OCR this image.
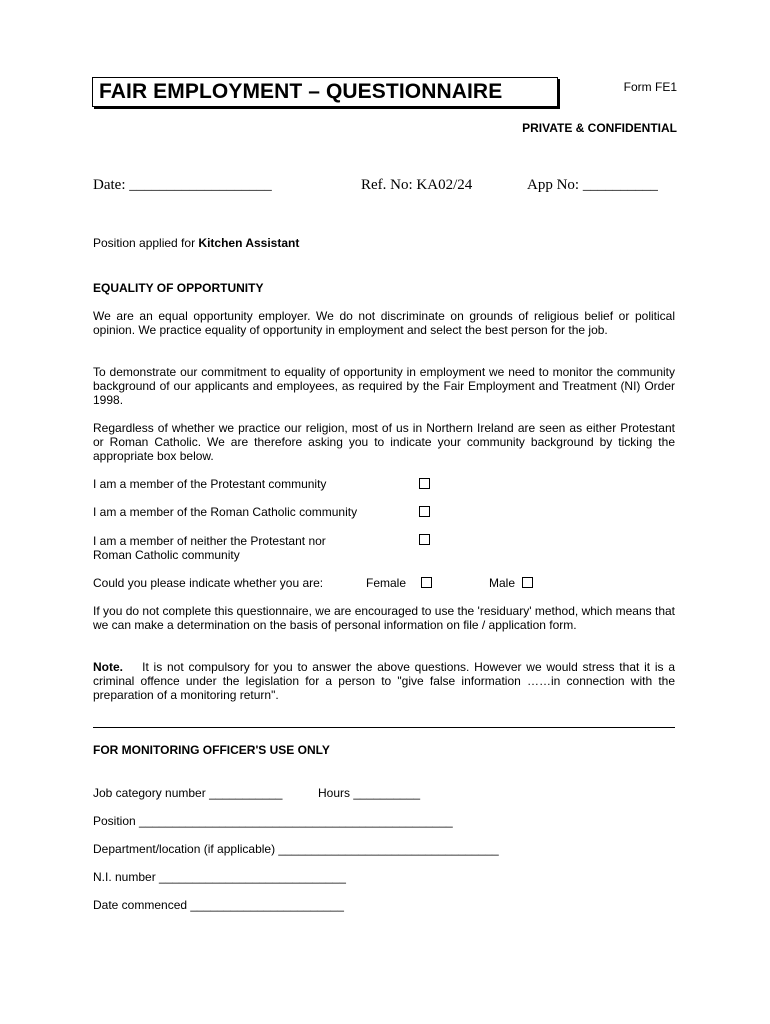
FAIR EMPLOYMENT – QUESTIONNAIRE	Form FE1
PRIVATE & CONFIDENTIAL
Date: ___________________	Ref. No: KA02/24	App No: __________
Position applied for Kitchen Assistant
EQUALITY OF OPPORTUNITY
We are an equal opportunity employer. We do not discriminate on grounds of religious belief or political opinion. We practice equality of opportunity in employment and select the best person for the job.
To demonstrate our commitment to equality of opportunity in employment we need to monitor the community background of our applicants and employees, as required by the Fair Employment and Treatment (NI) Order 1998.
Regardless of whether we practice our religion, most of us in Northern Ireland are seen as either Protestant or Roman Catholic. We are therefore asking you to indicate your community background by ticking the appropriate box below.
I am a member of the Protestant community
I am a member of the Roman Catholic community
I am a member of neither the Protestant nor
Roman Catholic community
Could you please indicate whether you are:	Female	Male
If you do not complete this questionnaire, we are encouraged to use the 'residuary' method, which means that we can make a determination on the basis of personal information on file / application form.
Note. It is not compulsory for you to answer the above questions. However we would stress that it is a criminal offence under the legislation for a person to "give false information ……in connection with the preparation of a monitoring return".
FOR MONITORING OFFICER'S USE ONLY
Job category number ___________	Hours __________
Position _______________________________________________
Department/location (if applicable) _________________________________
N.I. number ____________________________
Date commenced _______________________
